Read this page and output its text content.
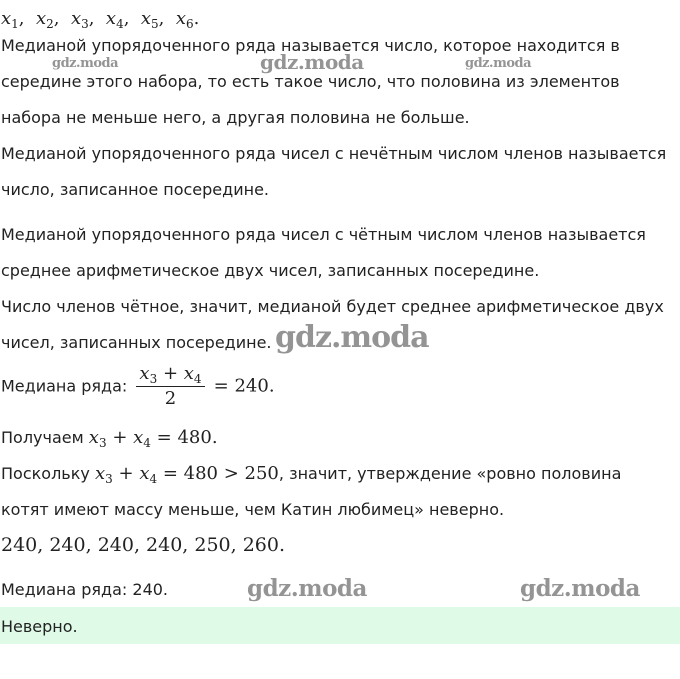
$x_1$,  $x_2$,  $x_3$,  $x_4$,  $x_5$,  $x_6$.
Медианой упорядоченного ряда называется число, которое находится в
середине этого набора, то есть такое число, что половина из элементов
набора не меньше него, а другая половина не больше.
Медианой упорядоченного ряда чисел с нечётным числом членов называется
число, записанное посередине.
Медианой упорядоченного ряда чисел с чётным числом членов называется
среднее арифметическое двух чисел, записанных посередине.
Число членов чётное, значит, медианой будет среднее арифметическое двух
чисел, записанных посередине.
Медиана ряда: $\frac{x_3 + x_4}{2} = 240$.
Получаем $x_3 + x_4 = 480$.
Поскольку $x_3 + x_4 = 480 > 250$, значит, утверждение «ровно половина
котят имеют массу меньше, чем Катин любимец» неверно.
240, 240, 240, 240, 250, 260.
Медиана ряда: 240.
Неверно.
gdz.moda	gdz.moda	gdz.moda
gdz.moda
gdz.moda	gdz.moda
